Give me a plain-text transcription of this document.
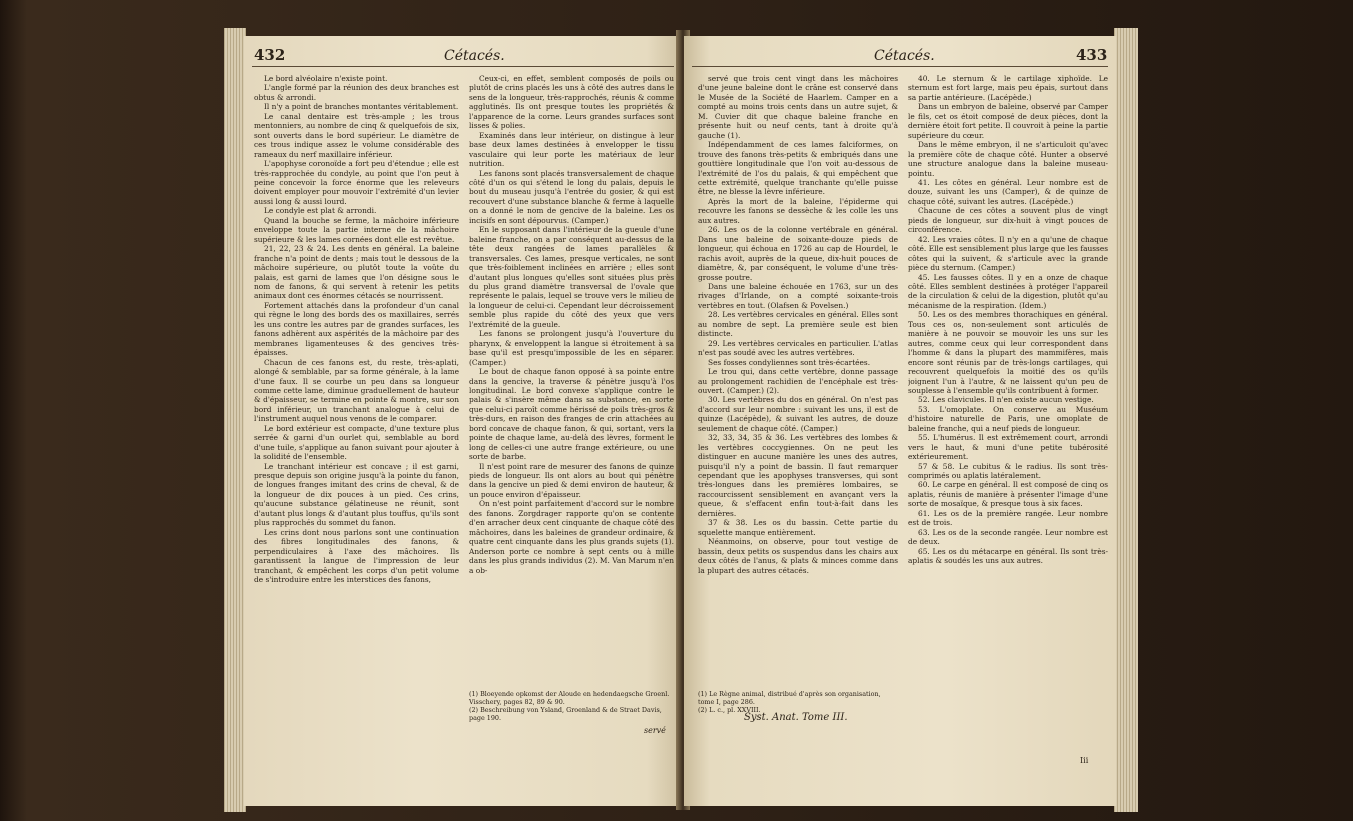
432	Cétacés.

Le bord alvéolaire n'existe point.

L'angle formé par la réunion des deux branches est obtus & arrondi.

Il n'y a point de branches montantes véritablement.

Le canal dentaire est très-ample ; les trous mentonniers, au nombre de cinq & quelquefois de six, sont ouverts dans le bord supérieur. Le diamètre de ces trous indique assez le volume considérable des rameaux du nerf maxillaire inférieur.

L'apophyse coronoïde a fort peu d'étendue ; elle est très-rapprochée du condyle, au point que l'on peut à peine concevoir la force énorme que les releveurs doivent employer pour mouvoir l'extrémité d'un levier aussi long & aussi lourd.

Le condyle est plat & arrondi.

Quand la bouche se ferme, la mâchoire inférieure enveloppe toute la partie interne de la mâchoire supérieure & les lames cornées dont elle est revêtue.

21, 22, 23 & 24. Les dents en général. La baleine franche n'a point de dents ; mais tout le dessous de la mâchoire supérieure, ou plutôt toute la voûte du palais, est garni de lames que l'on désigne sous le nom de fanons, & qui servent à retenir les petits animaux dont ces énormes cétacés se nourrissent.

Fortement attachés dans la profondeur d'un canal qui règne le long des bords des os maxillaires, serrés les uns contre les autres par de grandes surfaces, les fanons adhèrent aux aspérités de la mâchoire par des membranes ligamenteuses & des gencives très-épaisses.

Chacun de ces fanons est, du reste, très-aplati, alongé & semblable, par sa forme générale, à la lame d'une faux. Il se courbe un peu dans sa longueur comme cette lame, diminue graduellement de hauteur & d'épaisseur, se termine en pointe & montre, sur son bord inférieur, un tranchant analogue à celui de l'instrument auquel nous venons de le comparer.

Le bord extérieur est compacte, d'une texture plus serrée & garni d'un ourlet qui, semblable au bord d'une tuile, s'applique au fanon suivant pour ajouter à la solidité de l'ensemble.

Le tranchant intérieur est concave ; il est garni, presque depuis son origine jusqu'à la pointe du fanon, de longues franges imitant des crins de cheval, & de la longueur de dix pouces à un pied. Ces crins, qu'aucune substance gélatineuse ne réunit, sont d'autant plus longs & d'autant plus touffus, qu'ils sont plus rapprochés du sommet du fanon.

Les crins dont nous parlons sont une continuation des fibres longitudinales des fanons, & perpendiculaires à l'axe des mâchoires. Ils garantissent la langue de l'impression de leur tranchant, & empêchent les corps d'un petit volume de s'introduire entre les interstices des fanons,

Ceux-ci, en effet, semblent composés de poils ou plutôt de crins placés les uns à côté des autres dans le sens de la longueur, très-rapprochés, réunis & comme agglutinés. Ils ont presque toutes les propriétés & l'apparence de la corne. Leurs grandes surfaces sont lisses & polies.

Examinés dans leur intérieur, on distingue à leur base deux lames destinées à envelopper le tissu vasculaire qui leur porte les matériaux de leur nutrition.

Les fanons sont placés transversalement de chaque côté d'un os qui s'étend le long du palais, depuis le bout du museau jusqu'à l'entrée du gosier, & qui est recouvert d'une substance blanche & ferme à laquelle on a donné le nom de gencive de la baleine. Les os incisifs en sont dépourvus. (Camper.)

En le supposant dans l'intérieur de la gueule d'une baleine franche, on a par conséquent au-dessus de la tête deux rangées de lames parallèles & transversales. Ces lames, presque verticales, ne sont que très-foiblement inclinées en arrière ; elles sont d'autant plus longues qu'elles sont situées plus près du plus grand diamètre transversal de l'ovale que représente le palais, lequel se trouve vers le milieu de la longueur de celui-ci. Cependant leur décroissement semble plus rapide du côté des yeux que vers l'extrémité de la gueule.

Les fanons se prolongent jusqu'à l'ouverture du pharynx, & enveloppent la langue si étroitement à sa base qu'il est presqu'impossible de les en séparer. (Camper.)

Le bout de chaque fanon opposé à sa pointe entre dans la gencive, la traverse & pénètre jusqu'à l'os longitudinal. Le bord convexe s'applique contre le palais & s'insère même dans sa substance, en sorte que celui-ci paroît comme hérissé de poils très-gros & très-durs, en raison des franges de crin attachées au bord concave de chaque fanon, & qui, sortant, vers la pointe de chaque lame, au-delà des lèvres, forment le long de celles-ci une autre frange extérieure, ou une sorte de barbe.

Il n'est point rare de mesurer des fanons de quinze pieds de longueur. Ils ont alors au bout qui pénètre dans la gencive un pied & demi environ de hauteur, & un pouce environ d'épaisseur.

On n'est point parfaitement d'accord sur le nombre des fanons. Zorgdrager rapporte qu'on se contente d'en arracher deux cent cinquante de chaque côté des mâchoires, dans les baleines de grandeur ordinaire, & quatre cent cinquante dans les plus grands sujets (1). Anderson porte ce nombre à sept cents ou à mille dans les plus grands individus (2). M. Van Marum n'en a ob-

(1) Bloeyende opkomst der Aloude en hedendaegsche Groenl. Visschery, pages 82, 89 & 90.

(2) Beschreibung von Ysland, Groenland & de Straet Davis, page 190.

servé
Cétacés.	433

servé que trois cent vingt dans les mâchoires d'une jeune baleine dont le crâne est conservé dans le Musée de la Société de Haarlem. Camper en a compté au moins trois cents dans un autre sujet, & M. Cuvier dit que chaque baleine franche en présente huit ou neuf cents, tant à droite qu'à gauche (1).

Indépendamment de ces lames falciformes, on trouve des fanons très-petits & embriqués dans une gouttière longitudinale que l'on voit au-dessous de l'extrémité de l'os du palais, & qui empêchent que cette extrémité, quelque tranchante qu'elle puisse être, ne blesse la lèvre inférieure.

Après la mort de la baleine, l'épiderme qui recouvre les fanons se dessèche & les colle les uns aux autres.

26. Les os de la colonne vertébrale en général. Dans une baleine de soixante-douze pieds de longueur, qui échoua en 1726 au cap de Hourdel, le rachis avoit, auprès de la queue, dix-huit pouces de diamètre, &, par conséquent, le volume d'une très-grosse poutre.

Dans une baleine échouée en 1763, sur un des rivages d'Irlande, on a compté soixante-trois vertèbres en tout. (Olafsen & Povelsen.)

28. Les vertèbres cervicales en général. Elles sont au nombre de sept. La première seule est bien distincte.

29. Les vertèbres cervicales en particulier. L'atlas n'est pas soudé avec les autres vertèbres.

Ses fosses condyliennes sont très-écartées.

Le trou qui, dans cette vertèbre, donne passage au prolongement rachidien de l'encéphale est très-ouvert. (Camper.) (2).

30. Les vertèbres du dos en général. On n'est pas d'accord sur leur nombre : suivant les uns, il est de quinze (Lacépède), & suivant les autres, de douze seulement de chaque côté. (Camper.)

32, 33, 34, 35 & 36. Les vertèbres des lombes & les vertèbres coccygiennes. On ne peut les distinguer en aucune manière les unes des autres, puisqu'il n'y a point de bassin. Il faut remarquer cependant que les apophyses transverses, qui sont très-longues dans les premières lombaires, se raccourcissent sensiblement en avançant vers la queue, & s'effacent enfin tout-à-fait dans les dernières.

37 & 38. Les os du bassin. Cette partie du squelette manque entièrement.

Néanmoins, on observe, pour tout vestige de bassin, deux petits os suspendus dans les chairs aux deux côtés de l'anus, & plats & minces comme dans la plupart des autres cétacés.

40. Le sternum & le cartilage xiphoïde. Le sternum est fort large, mais peu épais, surtout dans sa partie antérieure. (Lacépède.)

Dans un embryon de baleine, observé par Camper le fils, cet os étoit composé de deux pièces, dont la dernière étoit fort petite. Il couvroit à peine la partie supérieure du cœur.

Dans le même embryon, il ne s'articuloit qu'avec la première côte de chaque côté. Hunter a observé une structure analogue dans la baleine museau-pointu.

41. Les côtes en général. Leur nombre est de douze, suivant les uns (Camper), & de quinze de chaque côté, suivant les autres. (Lacépède.)

Chacune de ces côtes a souvent plus de vingt pieds de longueur, sur dix-huit à vingt pouces de circonférence.

42. Les vraies côtes. Il n'y en a qu'une de chaque côté. Elle est sensiblement plus large que les fausses côtes qui la suivent, & s'articule avec la grande pièce du sternum. (Camper.)

45. Les fausses côtes. Il y en a onze de chaque côté. Elles semblent destinées à protéger l'appareil de la circulation & celui de la digestion, plutôt qu'au mécanisme de la respiration. (Idem.)

50. Les os des membres thorachiques en général. Tous ces os, non-seulement sont articulés de manière à ne pouvoir se mouvoir les uns sur les autres, comme ceux qui leur correspondent dans l'homme & dans la plupart des mammifères, mais encore sont réunis par de très-longs cartilages, qui recouvrent quelquefois la moitié des os qu'ils joignent l'un à l'autre, & ne laissent qu'un peu de souplesse à l'ensemble qu'ils contribuent à former.

52. Les clavicules. Il n'en existe aucun vestige.

53. L'omoplate. On conserve au Muséum d'histoire naturelle de Paris, une omoplate de baleine franche, qui a neuf pieds de longueur.

55. L'humérus. Il est extrêmement court, arrondi vers le haut, & muni d'une petite tubérosité extérieurement.

57 & 58. Le cubitus & le radius. Ils sont très-comprimés ou aplatis latéralement.

60. Le carpe en général. Il est composé de cinq os aplatis, réunis de manière à présenter l'image d'une sorte de mosaïque, & presque tous à six faces.

61. Les os de la première rangée. Leur nombre est de trois.

63. Les os de la seconde rangée. Leur nombre est de deux.

65. Les os du métacarpe en général. Ils sont très-aplatis & soudés les uns aux autres.

(1) Le Règne animal, distribué d'après son organisation, tome I, page 286.

(2) L. c., pl. XXVIII.

Syst. Anat. Tome III.
Iii
